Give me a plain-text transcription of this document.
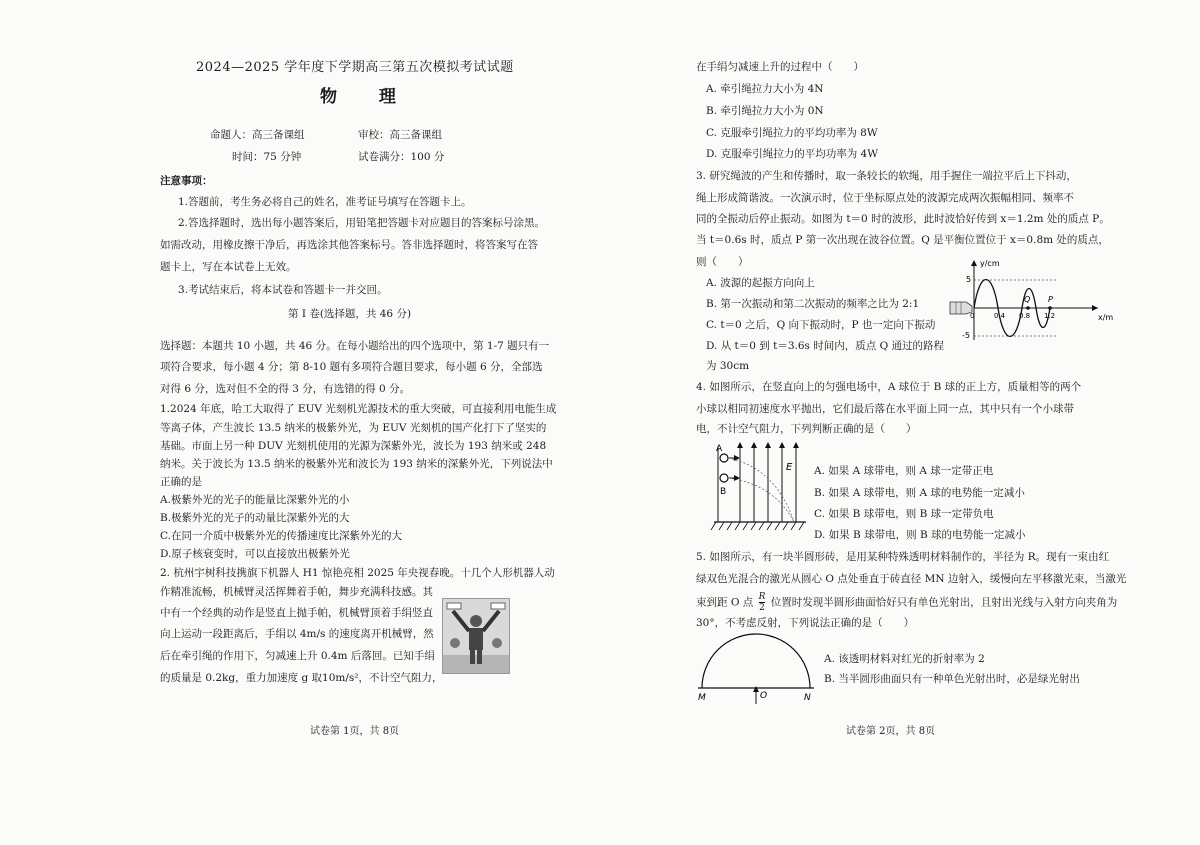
2024—2025 学年度下学期高三第五次模拟考试试题
物 理
命题人：高三备课组	审校：高三备课组
时间：75 分钟	试卷满分：100 分
注意事项：
1.答题前，考生务必将自己的姓名，准考证号填写在答题卡上。
2.答选择题时，选出每小题答案后，用铅笔把答题卡对应题目的答案标号涂黑。
如需改动，用橡皮擦干净后，再选涂其他答案标号。答非选择题时，将答案写在答
题卡上，写在本试卷上无效。
3.考试结束后，将本试卷和答题卡一并交回。
第 I 卷(选择题，共 46 分)
选择题：本题共 10 小题，共 46 分。在每小题给出的四个选项中，第 1-7 题只有一
项符合要求，每小题 4 分；第 8-10 题有多项符合题目要求，每小题 6 分，全部选
对得 6 分，选对但不全的得 3 分，有选错的得 0 分。
1.2024 年底，哈工大取得了 EUV 光刻机光源技术的重大突破，可直接利用电能生成
等离子体，产生波长 13.5 纳米的极紫外光，为 EUV 光刻机的国产化打下了坚实的
基础。市面上另一种 DUV 光刻机使用的光源为深紫外光，波长为 193 纳米或 248
纳米。关于波长为 13.5 纳米的极紫外光和波长为 193 纳米的深紫外光，下列说法中
正确的是
A.极紫外光的光子的能量比深紫外光的小
B.极紫外光的光子的动量比深紫外光的大
C.在同一介质中极紫外光的传播速度比深紫外光的大
D.原子核衰变时，可以直接放出极紫外光
2. 杭州宇树科技携旗下机器人 H1 惊艳亮相 2025 年央视春晚。十几个人形机器人动
作精准流畅，机械臂灵活挥舞着手帕，舞步充满科技感。其
中有一个经典的动作是竖直上抛手帕，机械臂顶着手绢竖直
向上运动一段距离后，手绢以 4m/s 的速度离开机械臂，然
后在牵引绳的作用下，匀减速上升 0.4m 后落回。已知手绢
的质量是 0.2kg，重力加速度 g 取10m/s²，不计空气阻力，
试卷第 1页，共 8页
在手绢匀减速上升的过程中（　　）
A. 牵引绳拉力大小为 4N
B. 牵引绳拉力大小为 0N
C. 克服牵引绳拉力的平均功率为 8W
D. 克服牵引绳拉力的平均功率为 4W
3. 研究绳波的产生和传播时，取一条较长的软绳，用手握住一端拉平后上下抖动，
绳上形成简谐波。一次演示时，位于坐标原点处的波源完成两次振幅相同、频率不
同的全振动后停止振动。如图为 t＝0 时的波形，此时波恰好传到 x＝1.2m 处的质点 P。
当 t＝0.6s 时，质点 P 第一次出现在波谷位置。Q 是平衡位置位于 x＝0.8m 处的质点，
则（　　）
A. 波源的起振方向向上
B. 第一次振动和第二次振动的频率之比为 2:1
C. t＝0 之后，Q 向下振动时，P 也一定向下振动
D. 从 t＝0 到 t＝3.6s 时间内，质点 Q 通过的路程
为 30cm
y/cm
x/m
5
-5
0	0.4 0.8 1.2
Q P
4. 如图所示，在竖直向上的匀强电场中，A 球位于 B 球的正上方，质量相等的两个
小球以相同初速度水平抛出，它们最后落在水平面上同一点，其中只有一个小球带
电，不计空气阻力，下列判断正确的是（　　）
A
B
E A. 如果 A 球带电，则 A 球一定带正电
B. 如果 A 球带电，则 A 球的电势能一定减小
C. 如果 B 球带电，则 B 球一定带负电
D. 如果 B 球带电，则 B 球的电势能一定减小
5. 如图所示，有一块半圆形砖，是用某种特殊透明材料制作的，半径为 R。现有一束由红
绿双色光混合的激光从圆心 O 点处垂直于砖直径 MN 边射入，缓慢向左平移激光束，当激光
束到距 O 点 $\frac{R}{2}$ 位置时发现半圆形曲面恰好只有单色光射出，且射出光线与入射方向夹角为
30°，不考虑反射，下列说法正确的是（　　）
M	O	N
A. 该透明材料对红光的折射率为 2
B. 当半圆形曲面只有一种单色光射出时，必是绿光射出
试卷第 2页，共 8页
